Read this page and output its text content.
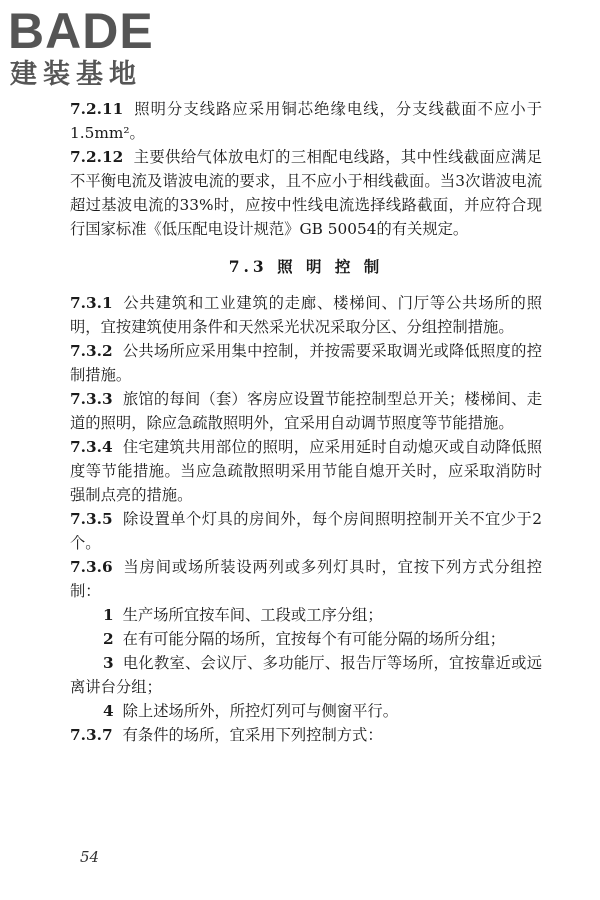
BADE
建装基地

7.2.11 照明分支线路应采用铜芯绝缘电线，分支线截面不应小于1.5mm²。

7.2.12 主要供给气体放电灯的三相配电线路，其中性线截面应满足不平衡电流及谐波电流的要求，且不应小于相线截面。当3次谐波电流超过基波电流的33%时，应按中性线电流选择线路截面，并应符合现行国家标准《低压配电设计规范》GB 50054的有关规定。

7.3 照 明 控 制

7.3.1 公共建筑和工业建筑的走廊、楼梯间、门厅等公共场所的照明，宜按建筑使用条件和天然采光状况采取分区、分组控制措施。

7.3.2 公共场所应采用集中控制，并按需要采取调光或降低照度的控制措施。

7.3.3 旅馆的每间（套）客房应设置节能控制型总开关；楼梯间、走道的照明，除应急疏散照明外，宜采用自动调节照度等节能措施。

7.3.4 住宅建筑共用部位的照明，应采用延时自动熄灭或自动降低照度等节能措施。当应急疏散照明采用节能自熄开关时，应采取消防时强制点亮的措施。

7.3.5 除设置单个灯具的房间外，每个房间照明控制开关不宜少于2个。

7.3.6 当房间或场所装设两列或多列灯具时，宜按下列方式分组控制：

1 生产场所宜按车间、工段或工序分组；

2 在有可能分隔的场所，宜按每个有可能分隔的场所分组；

3 电化教室、会议厅、多功能厅、报告厅等场所，宜按靠近或远离讲台分组；

4 除上述场所外，所控灯列可与侧窗平行。

7.3.7 有条件的场所，宜采用下列控制方式：

54
